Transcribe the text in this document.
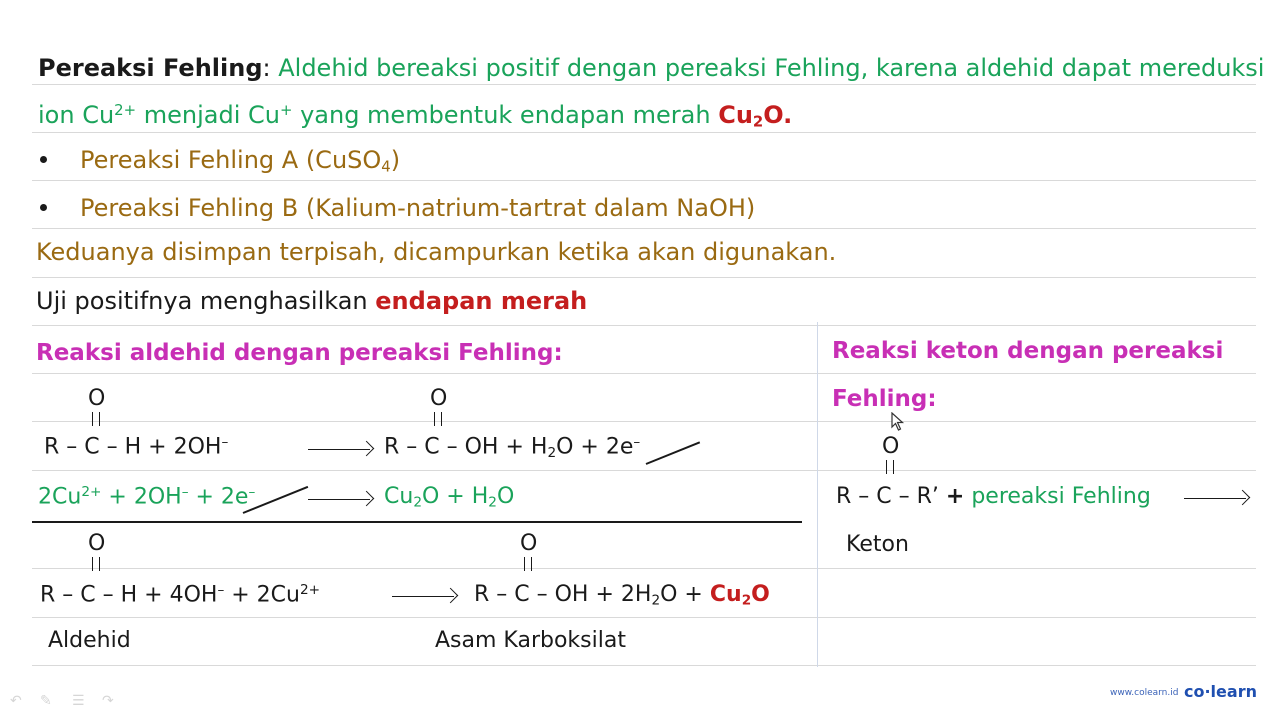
Pereaksi Fehling: Aldehid bereaksi positif dengan pereaksi Fehling, karena aldehid dapat mereduksi
ion $Cu^{2+}$ menjadi Cu+ yang membentuk endapan merah $Cu_2O$.
Pereaksi Fehling A (CuSO$_4$)
Pereaksi Fehling B (Kalium-natrium-tartrat dalam NaOH)
Keduanya disimpan terpisah, dicampurkan ketika akan digunakan.
Uji positifnya menghasilkan endapan merah
Reaksi aldehid dengan pereaksi Fehling:
O
R – C – H + 2OH–
O
R – C – OH + $H_2O + 2e^-$
$2Cu^{2+} + 2OH^- + 2e^-$	$Cu_2O + H_2O$
O
$R - C - H + 4OH^- + 2Cu^{2+}$
O
R – C – OH + $2H_2O + Cu_2O$
Aldehid	Asam Karboksilat
Reaksi keton dengan pereaksi
Fehling:
O
R – C – R’ + pereaksi Fehling
Keton
↶ ✎ ☰ ↷	www.colearn.id co·learn
